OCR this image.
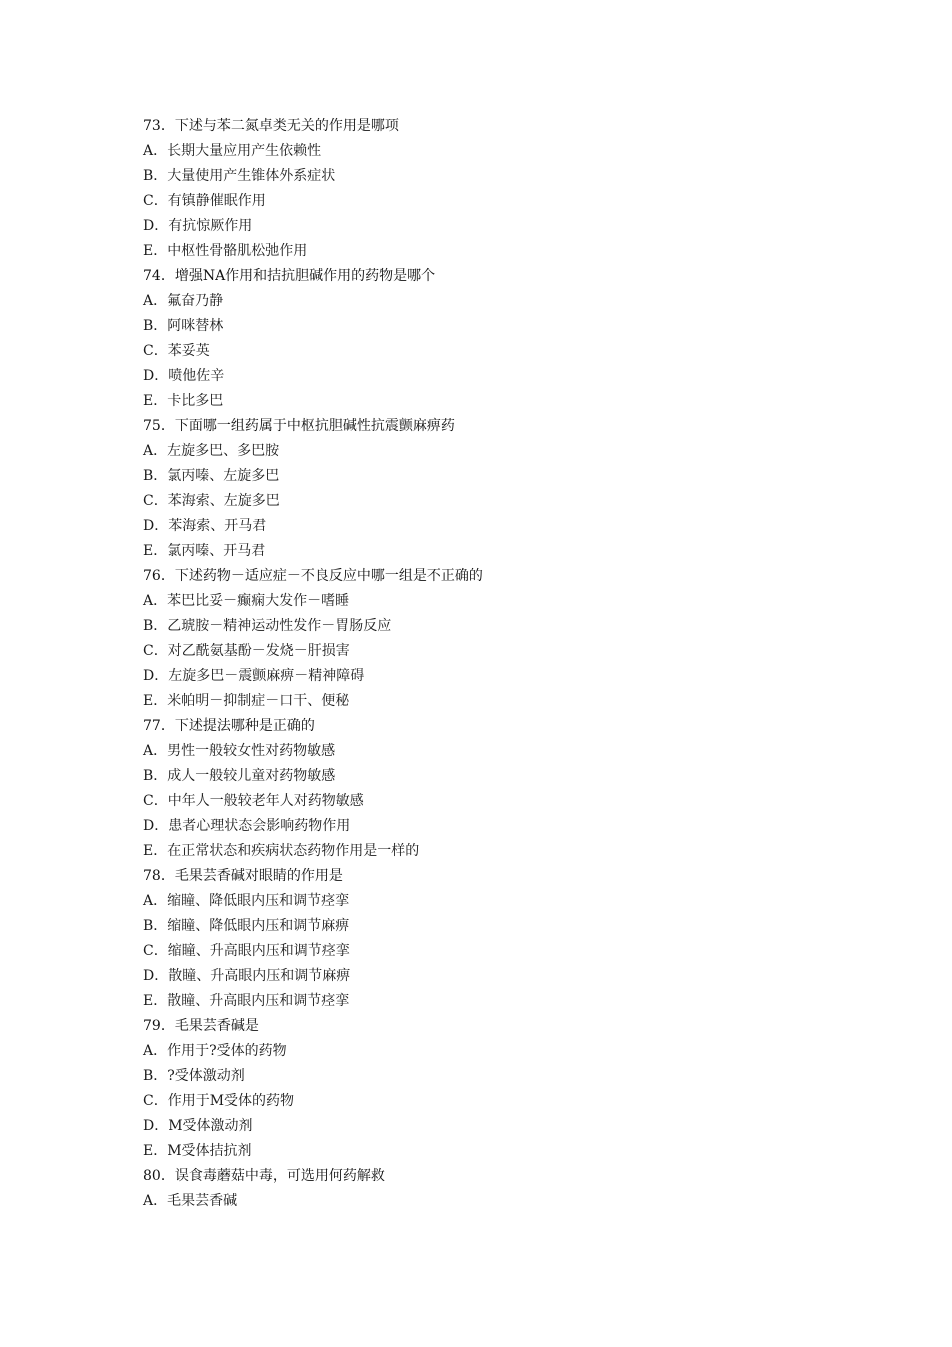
73．下述与苯二氮卓类无关的作用是哪项
A．长期大量应用产生依赖性
B．大量使用产生锥体外系症状
C．有镇静催眠作用
D．有抗惊厥作用
E．中枢性骨骼肌松弛作用
74．增强NA作用和拮抗胆碱作用的药物是哪个
A．氟奋乃静
B．阿咪替林
C．苯妥英
D．喷他佐辛
E．卡比多巴
75．下面哪一组药属于中枢抗胆碱性抗震颤麻痹药
A．左旋多巴、多巴胺
B．氯丙嗪、左旋多巴
C．苯海索、左旋多巴
D．苯海索、开马君
E．氯丙嗪、开马君
76．下述药物－适应症－不良反应中哪一组是不正确的
A．苯巴比妥－癫痫大发作－嗜睡
B．乙琥胺－精神运动性发作－胃肠反应
C．对乙酰氨基酚－发烧－肝损害
D．左旋多巴－震颤麻痹－精神障碍
E．米帕明－抑制症－口干、便秘
77．下述提法哪种是正确的
A．男性一般较女性对药物敏感
B．成人一般较儿童对药物敏感
C．中年人一般较老年人对药物敏感
D．患者心理状态会影响药物作用
E．在正常状态和疾病状态药物作用是一样的
78．毛果芸香碱对眼睛的作用是
A．缩瞳、降低眼内压和调节痉挛
B．缩瞳、降低眼内压和调节麻痹
C．缩瞳、升高眼内压和调节痉挛
D．散瞳、升高眼内压和调节麻痹
E．散瞳、升高眼内压和调节痉挛
79．毛果芸香碱是
A．作用于?受体的药物
B．?受体激动剂
C．作用于M受体的药物
D．M受体激动剂
E．M受体拮抗剂
80．误食毒蘑菇中毒，可选用何药解救
A．毛果芸香碱
